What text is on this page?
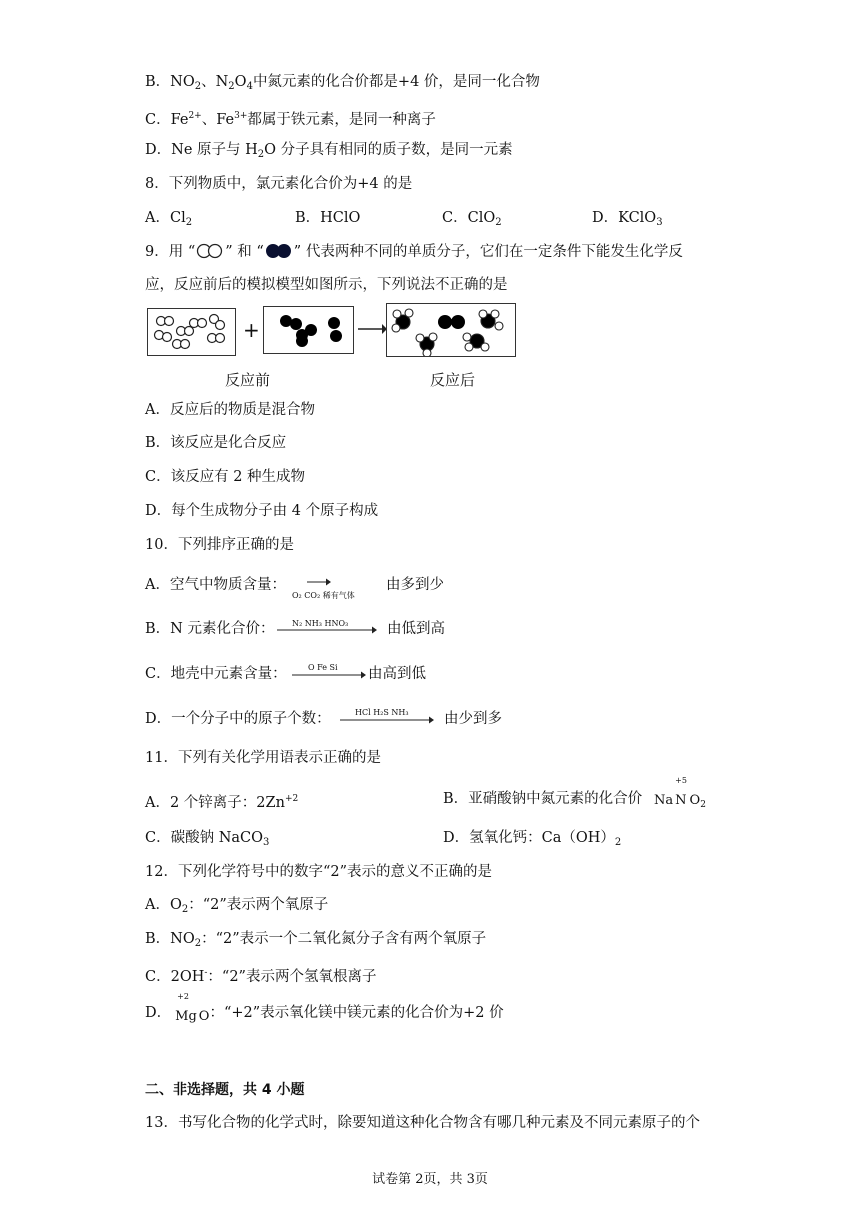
B．$NO_2$、$N_2O_4$中氮元素的化合价都是+4 价，是同一化合物
C．$Fe^{2+}$、$Fe^{3+}$都属于铁元素，是同一种离子
D．Ne 原子与 $H_2O$ 分子具有相同的质子数，是同一元素
8．下列物质中，氯元素化合价为+4 的是
A．$Cl_2$	B．HClO	C．ClO$_2$	D．KClO$_3$
9．用 “ ” 和 “ ” 代表两种不同的单质分子，它们在一定条件下能发生化学反
应，反应前后的模拟模型如图所示，下列说法不正确的是
+
反应前	反应后
A．反应后的物质是混合物
B．该反应是化合反应
C．该反应有 2 种生成物
D．每个生成物分子由 4 个原子构成
10．下列排序正确的是
A．空气中物质含量：
O₂ CO₂ 稀有气体
由多到少
B．N 元素化合价： N₂ NH₃ HNO₃	由低到高
C．地壳中元素含量：	O Fe Si 由高到低
D．一个分子中的原子个数：	HCl H₂S NH₃ 由少到多
11．下列有关化学用语表示正确的是
A．2 个锌离子：$2Zn^{+2}$	B．亚硝酸钠中氮元素的化合价 Na
+5
N $O_2$
C．碳酸钠 NaCO$_3$	D．氢氧化钙：$Ca(OH)_2$
12．下列化学符号中的数字“2”表示的意义不正确的是
A．$O_2$：“2”表示两个氧原子
B．$NO_2$：“2”表示一个二氧化氮分子含有两个氧原子
C．2OH-：“2”表示两个氢氧根离子
D．
+2
Mg O：“+2”表示氧化镁中镁元素的化合价为+2 价
二、非选择题，共 4 小题
13．书写化合物的化学式时，除要知道这种化合物含有哪几种元素及不同元素原子的个
试卷第 2页，共 3页
